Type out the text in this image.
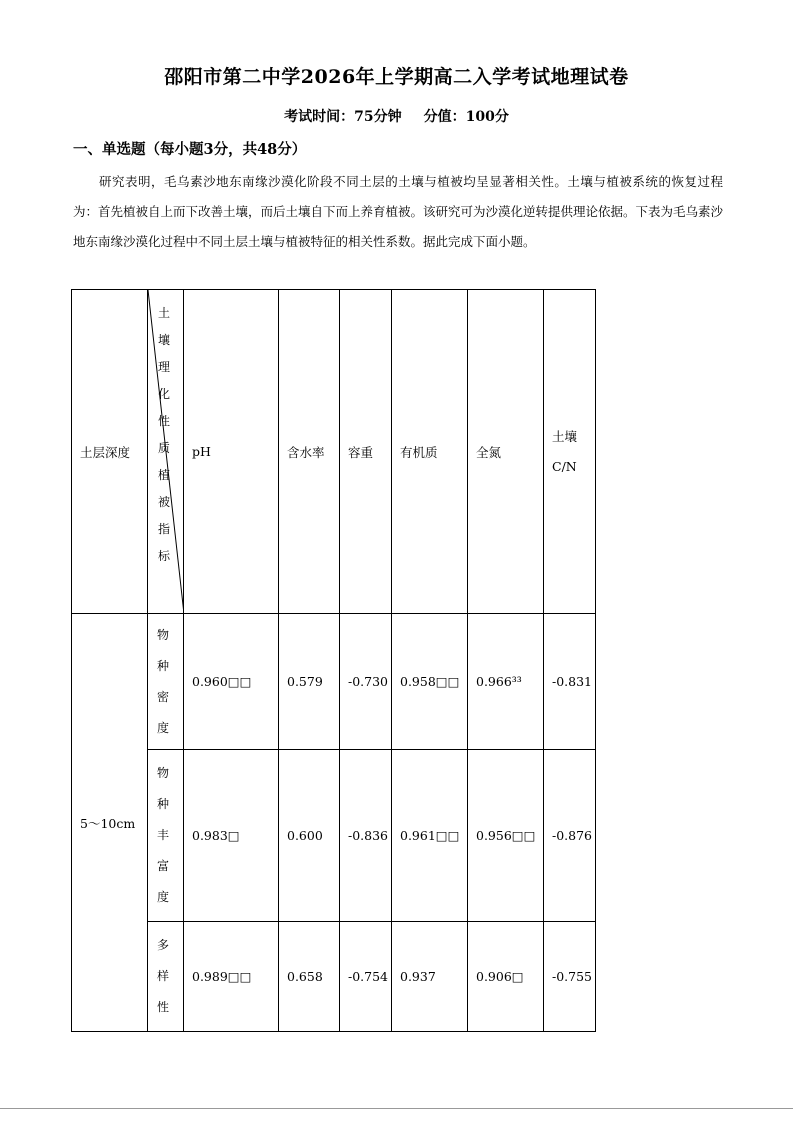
邵阳市第二中学2026年上学期高二入学考试地理试卷
考试时间：75分钟 分值：100分
一、单选题（每小题3分，共48分）
研究表明，毛乌素沙地东南缘沙漠化阶段不同土层的土壤与植被均呈显著相关性。土壤与植被系统的恢复过程为：首先植被自上而下改善土壤，而后土壤自下而上养育植被。该研究可为沙漠化逆转提供理论依据。下表为毛乌素沙地东南缘沙漠化过程中不同土层土壤与植被特征的相关性系数。据此完成下面小题。
土层深度	土壤理化性质植被指标	pH	含水率	容重	有机质	全氮	土壤C/N
5～10cm	物种密度	0.960□□	0.579	-0.730	0.958□□	0.966³³	-0.831

	物种丰富度	0.983□	0.600	-0.836	0.961□□	0.956□□	-0.876

	多样性	0.989□□	0.658	-0.754	0.937	0.906□	-0.755
